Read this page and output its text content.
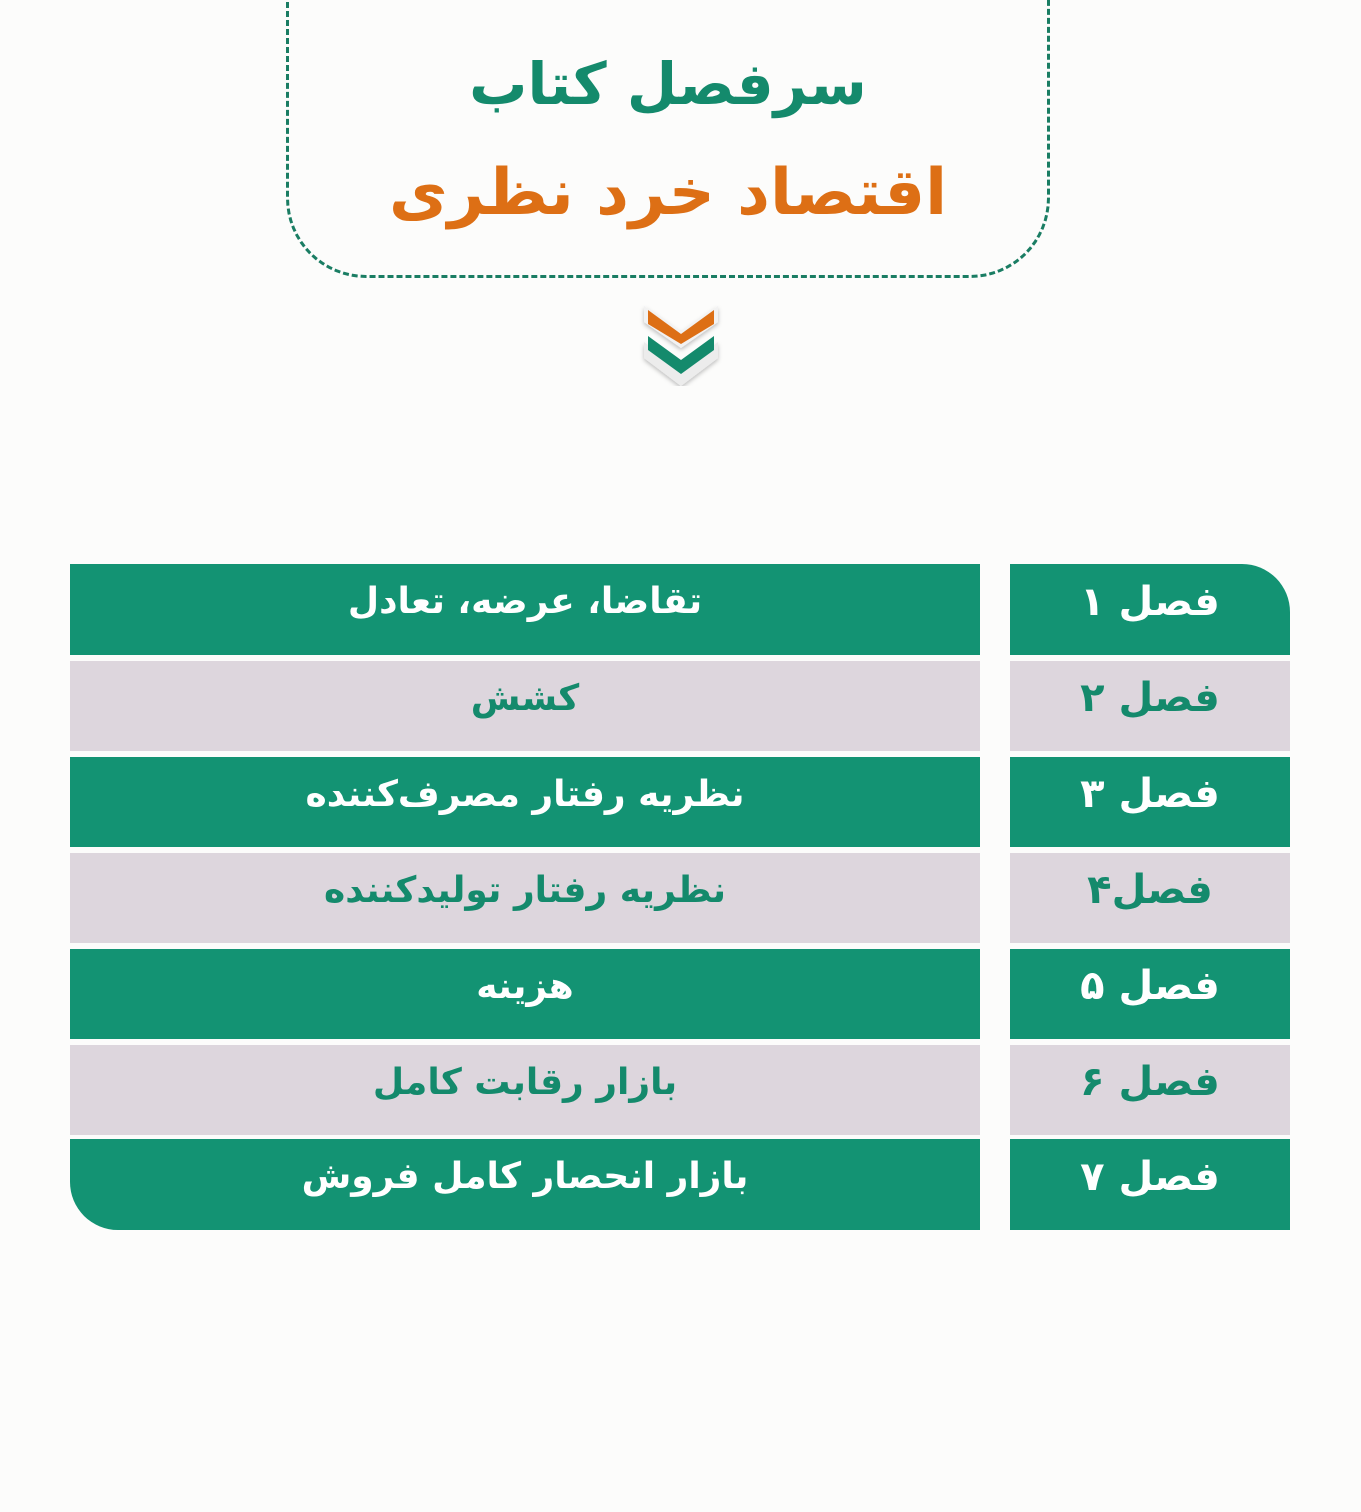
سرفصل کتاب
اقتصاد خرد نظری
فصل ۱
تقاضا، عرضه، تعادل
فصل ۲
کشش
فصل ۳
نظریه رفتار مصرف‌کننده
فصل۴
نظریه رفتار تولیدکننده
فصل ۵
هزینه
فصل ۶
بازار رقابت کامل
فصل ۷
بازار انحصار کامل فروش
